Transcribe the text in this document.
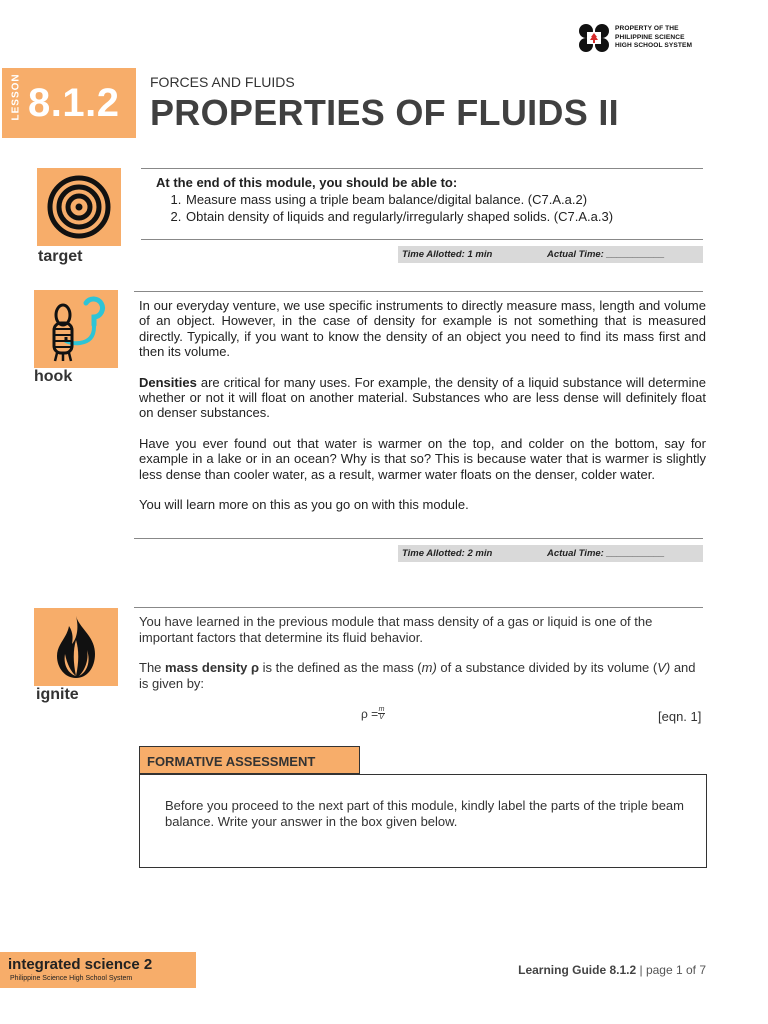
PROPERTY OF THE
PHILIPPINE SCIENCE
HIGH SCHOOL SYSTEM
LESSON 8.1.2 FORCES AND FLUIDS
PROPERTIES OF FLUIDS II
target
At the end of this module, you should be able to:
1. Measure mass using a triple beam balance/digital balance. (C7.A.a.2)
2. Obtain density of liquids and regularly/irregularly shaped solids. (C7.A.a.3)
Time Allotted: 1 min	Actual Time: ___________
hook

In our everyday venture, we use specific instruments to directly measure mass, length and volume of an object. However, in the case of density for example is not something that is measured directly. Typically, if you want to know the density of an object you need to find its mass first and then its volume.

Densities are critical for many uses. For example, the density of a liquid substance will determine whether or not it will float on another material. Substances who are less dense will definitely float on denser substances.

Have you ever found out that water is warmer on the top, and colder on the bottom, say for example in a lake or in an ocean? Why is that so? This is because water that is warmer is slightly less dense than cooler water, as a result, warmer water floats on the denser, colder water.

You will learn more on this as you go on with this module.

Time Allotted: 2 min	Actual Time: ___________
ignite

You have learned in the previous module that mass density of a gas or liquid is one of the important factors that determine its fluid behavior.

The mass density ρ is the defined as the mass (m) of a substance divided by its volume (V) and is given by:

$\rho = \frac{m}{V}$	[eqn. 1]
FORMATIVE ASSESSMENT
Before you proceed to the next part of this module, kindly label the parts of the triple beam balance. Write your answer in the box given below.
integrated science 2
Philippine Science High School System
Learning Guide 8.1.2 | page 1 of 7
